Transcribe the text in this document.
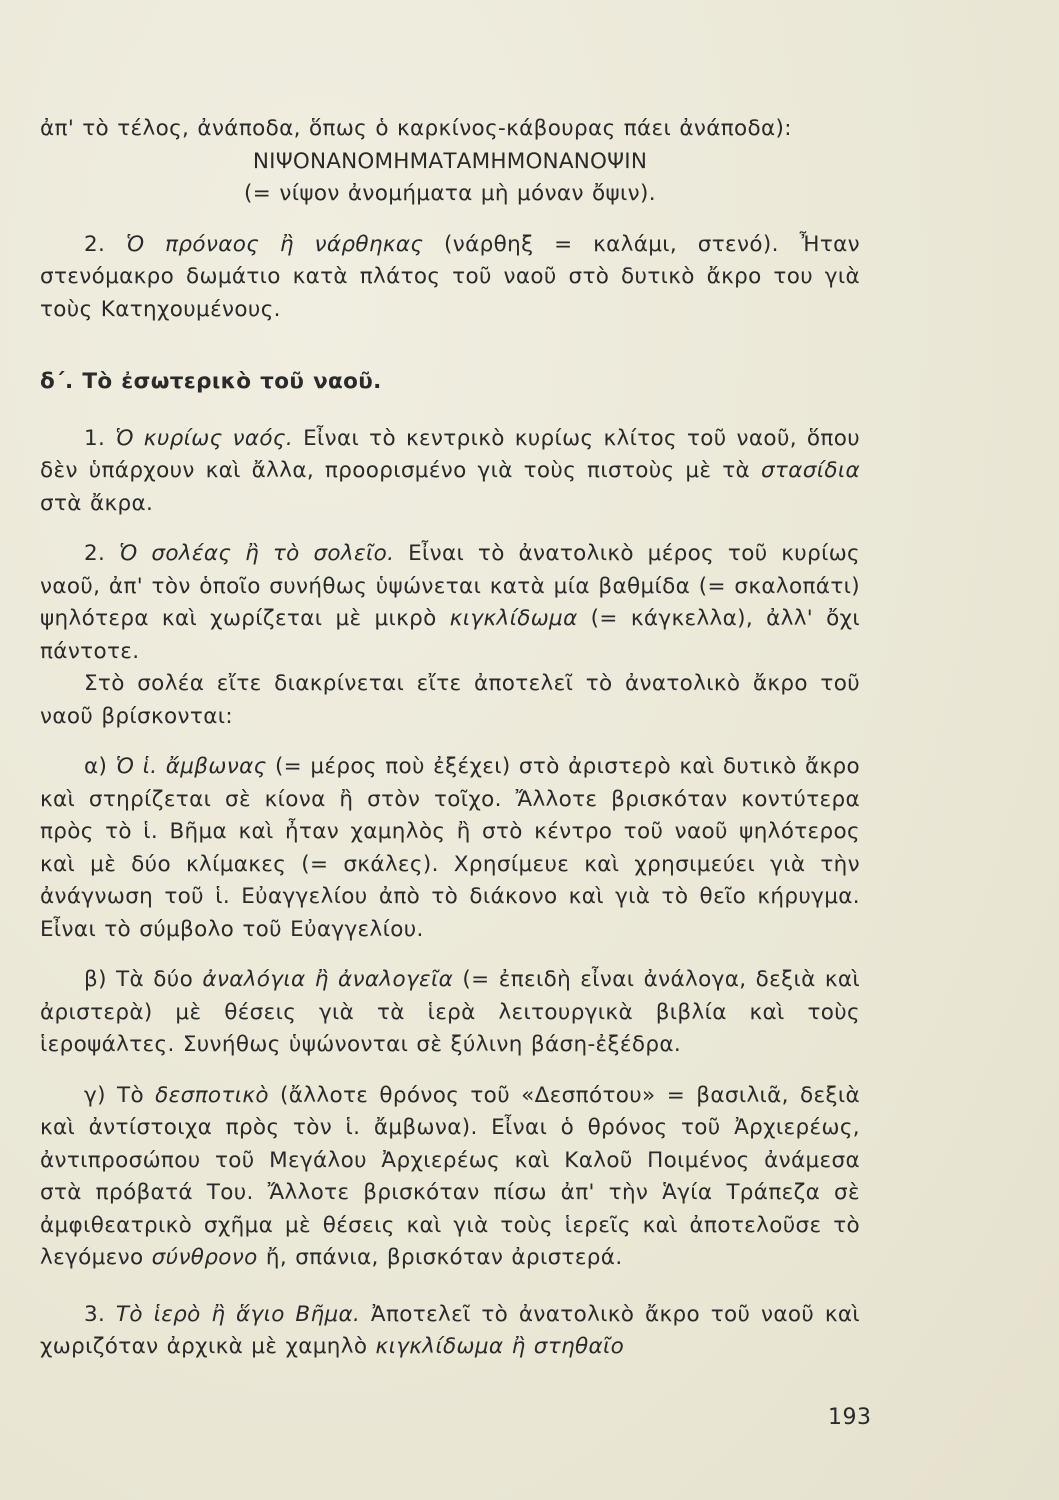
ἀπ' τὸ τέλος, ἀνάποδα, ὅπως ὁ καρκίνος-κάβουρας πάει ἀνάποδα):

ΝΙΨΟΝΑΝΟΜΗΜΑΤΑΜΗΜΟΝΑΝΟΨΙΝ

(= νίψον ἀνομήματα μὴ μόναν ὄψιν).

2. Ὁ πρόναος ἢ νάρθηκας (νάρθηξ = καλάμι, στενό). Ἦταν στενόμακρο δωμάτιο κατὰ πλάτος τοῦ ναοῦ στὸ δυτικὸ ἄκρο του γιὰ τοὺς Κατηχουμένους.

δ΄. Τὸ ἐσωτερικὸ τοῦ ναοῦ.

1. Ὁ κυρίως ναός. Εἶναι τὸ κεντρικὸ κυρίως κλίτος τοῦ ναοῦ, ὅπου δὲν ὑπάρχουν καὶ ἄλλα, προορισμένο γιὰ τοὺς πιστοὺς μὲ τὰ στασίδια στὰ ἄκρα.

2. Ὁ σολέας ἢ τὸ σολεῖο. Εἶναι τὸ ἀνατολικὸ μέρος τοῦ κυρίως ναοῦ, ἀπ' τὸν ὁποῖο συνήθως ὑψώνεται κατὰ μία βαθμίδα (= σκαλοπάτι) ψηλότερα καὶ χωρίζεται μὲ μικρὸ κιγκλίδωμα (= κάγκελλα), ἀλλ' ὄχι πάντοτε.

Στὸ σολέα εἴτε διακρίνεται εἴτε ἀποτελεῖ τὸ ἀνατολικὸ ἄκρο τοῦ ναοῦ βρίσκονται:

α) Ὁ ἱ. ἄμβωνας (= μέρος ποὺ ἐξέχει) στὸ ἀριστερὸ καὶ δυτικὸ ἄκρο καὶ στηρίζεται σὲ κίονα ἢ στὸν τοῖχο. Ἄλλοτε βρισκόταν κοντύτερα πρὸς τὸ ἱ. Βῆμα καὶ ἦταν χαμηλὸς ἢ στὸ κέντρο τοῦ ναοῦ ψηλότερος καὶ μὲ δύο κλίμακες (= σκάλες). Χρησίμευε καὶ χρησιμεύει γιὰ τὴν ἀνάγνωση τοῦ ἱ. Εὐαγγελίου ἀπὸ τὸ διάκονο καὶ γιὰ τὸ θεῖο κήρυγμα. Εἶναι τὸ σύμβολο τοῦ Εὐαγγελίου.

β) Τὰ δύο ἀναλόγια ἢ ἀναλογεῖα (= ἐπειδὴ εἶναι ἀνάλογα, δεξιὰ καὶ ἀριστερὰ) μὲ θέσεις γιὰ τὰ ἱερὰ λειτουργικὰ βιβλία καὶ τοὺς ἱεροψάλτες. Συνήθως ὑψώνονται σὲ ξύλινη βάση-ἐξέδρα.

γ) Τὸ δεσποτικὸ (ἄλλοτε θρόνος τοῦ «Δεσπότου» = βασιλιᾶ, δεξιὰ καὶ ἀντίστοιχα πρὸς τὸν ἱ. ἄμβωνα). Εἶναι ὁ θρόνος τοῦ Ἀρχιερέως, ἀντιπροσώπου τοῦ Μεγάλου Ἀρχιερέως καὶ Καλοῦ Ποιμένος ἀνάμεσα στὰ πρόβατά Του. Ἄλλοτε βρισκόταν πίσω ἀπ' τὴν Ἁγία Τράπεζα σὲ ἀμφιθεατρικὸ σχῆμα μὲ θέσεις καὶ γιὰ τοὺς ἱερεῖς καὶ ἀποτελοῦσε τὸ λεγόμενο σύνθρονο ἤ, σπάνια, βρισκόταν ἀριστερά.

3. Τὸ ἱερὸ ἢ ἅγιο Βῆμα. Ἀποτελεῖ τὸ ἀνατολικὸ ἄκρο τοῦ ναοῦ καὶ χωριζόταν ἀρχικὰ μὲ χαμηλὸ κιγκλίδωμα ἢ στηθαῖο

193
